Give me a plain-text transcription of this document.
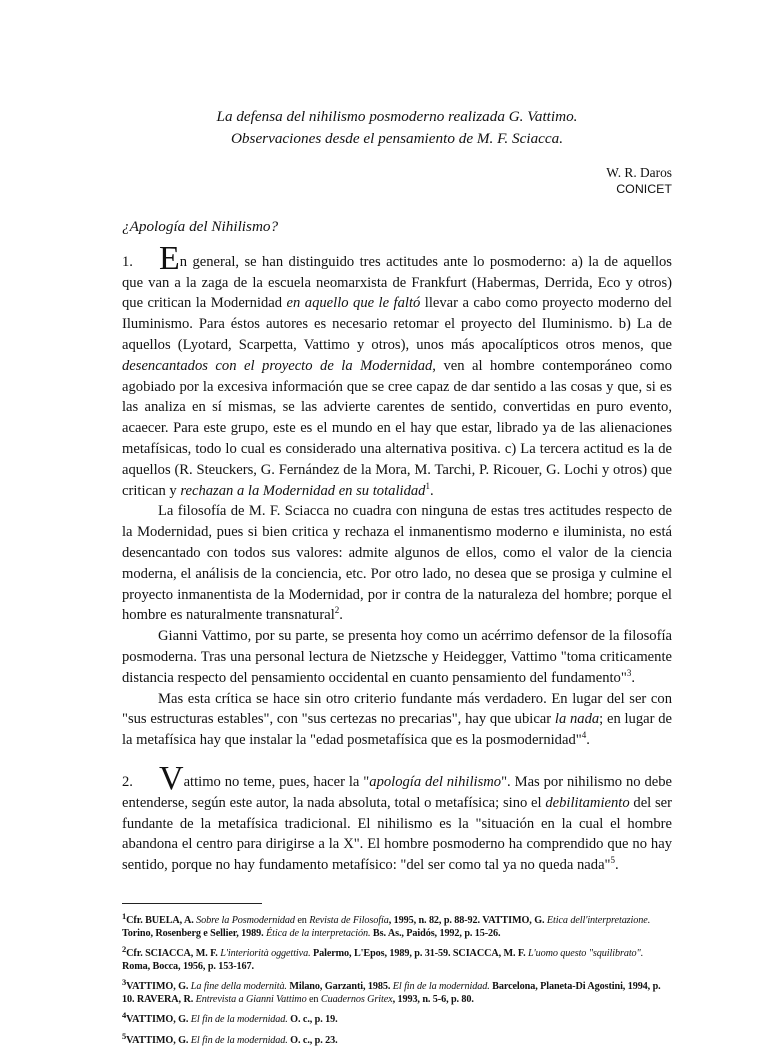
La defensa del nihilismo posmoderno realizada G. Vattimo.
Observaciones desde el pensamiento de M. F. Sciacca.
W. R. Daros
CONICET
¿Apología del Nihilismo?
1. En general, se han distinguido tres actitudes ante lo posmoderno: a) la de aquellos que van a la zaga de la escuela neomarxista de Frankfurt (Habermas, Derrida, Eco y otros) que critican la Modernidad en aquello que le faltó llevar a cabo como proyecto moderno del Iluminismo. Para éstos autores es necesario retomar el proyecto del Iluminismo. b) La de aquellos (Lyotard, Scarpetta, Vattimo y otros), unos más apocalípticos otros menos, que desencantados con el proyecto de la Modernidad, ven al hombre contemporáneo como agobiado por la excesiva información que se cree capaz de dar sentido a las cosas y que, si es las analiza en sí mismas, se las advierte carentes de sentido, convertidas en puro evento, acaecer. Para este grupo, este es el mundo en el hay que estar, librado ya de las alienaciones metafísicas, todo lo cual es considerado una alternativa positiva. c) La tercera actitud es la de aquellos (R. Steuckers, G. Fernández de la Mora, M. Tarchi, P. Ricouer, G. Lochi y otros) que critican y rechazan a la Modernidad en su totalidad$^1$.
La filosofía de M. F. Sciacca no cuadra con ninguna de estas tres actitudes respecto de la Modernidad, pues si bien critica y rechaza el inmanentismo moderno e iluminista, no está desencantado con todos sus valores: admite algunos de ellos, como el valor de la ciencia moderna, el análisis de la conciencia, etc. Por otro lado, no desea que se prosiga y culmine el proyecto inmanentista de la Modernidad, por ir contra de la naturaleza del hombre; porque el hombre es naturalmente transnatural$^2$.
Gianni Vattimo, por su parte, se presenta hoy como un acérrimo defensor de la filosofía posmoderna. Tras una personal lectura de Nietzsche y Heidegger, Vattimo "toma criticamente distancia respecto del pensamiento occidental en cuanto pensamiento del fundamento"$^3$.
Mas esta crítica se hace sin otro criterio fundante más verdadero. En lugar del ser con "sus estructuras estables", con "sus certezas no precarias", hay que ubicar la nada; en lugar de la metafísica hay que instalar la "edad posmetafísica que es la posmodernidad"$^4$.
2. Vattimo no teme, pues, hacer la "apología del nihilismo". Mas por nihilismo no debe entenderse, según este autor, la nada absoluta, total o metafísica; sino el debilitamiento del ser fundante de la metafísica tradicional. El nihilismo es la "situación en la cual el hombre abandona el centro para dirigirse a la X". El hombre posmoderno ha comprendido que no hay sentido, porque no hay fundamento metafísico: "del ser como tal ya no queda nada"$^5$.
$^1$Cfr. BUELA, A. Sobre la Posmodernidad en Revista de Filosofía, 1995, n. 82, p. 88-92. VATTIMO, G. Etica dell'interpretazione. Torino, Rosenberg e Sellier, 1989. Ética de la interpretación. Bs. As., Paidós, 1992, p. 15-26.
$^2$Cfr. SCIACCA, M. F. L'interiorità oggettiva. Palermo, L'Epos, 1989, p. 31-59. SCIACCA, M. F. L'uomo questo "squilibrato". Roma, Bocca, 1956, p. 153-167.
$^3$VATTIMO, G. La fine della modernità. Milano, Garzanti, 1985. El fin de la modernidad. Barcelona, Planeta-Di Agostini, 1994, p. 10. RAVERA, R. Entrevista a Gianni Vattimo en Cuadernos Gritex, 1993, n. 5-6, p. 80.
$^4$VATTIMO, G. El fin de la modernidad. O. c., p. 19.
$^5$VATTIMO, G. El fin de la modernidad. O. c., p. 23.
